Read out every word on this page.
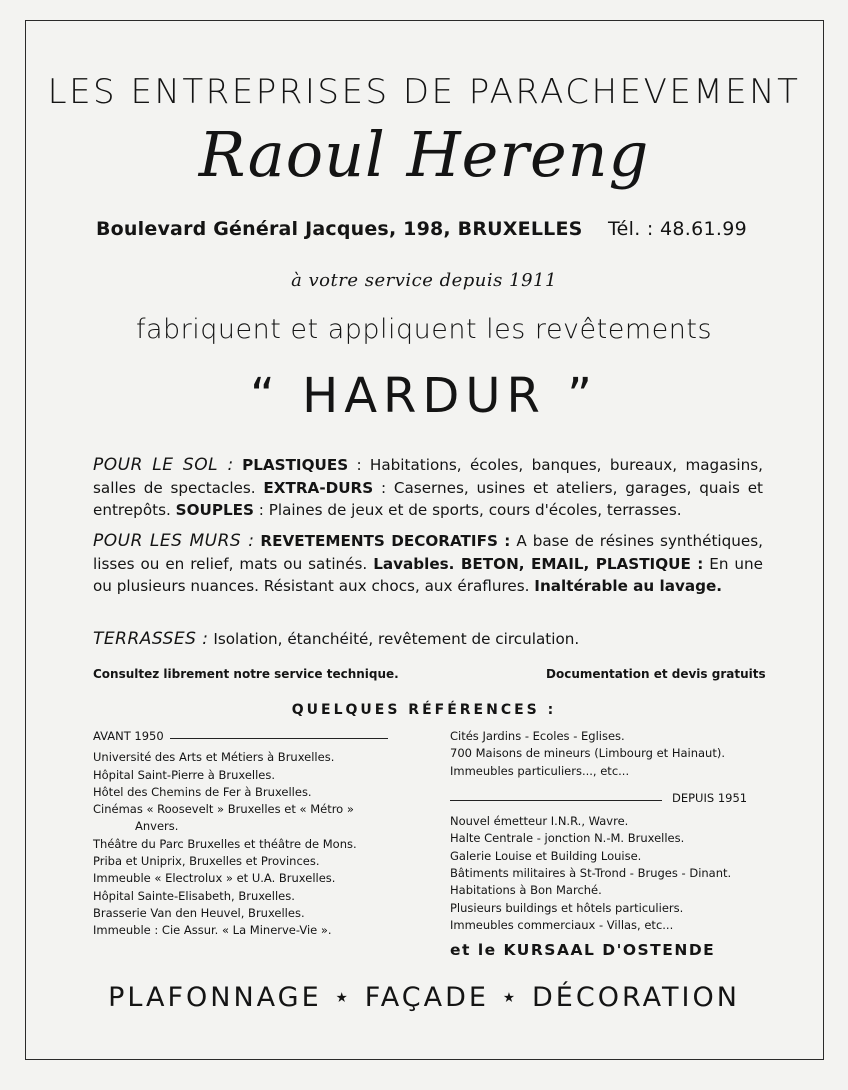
LES ENTREPRISES DE PARACHEVEMENT
Raoul Hereng
Boulevard Général Jacques, 198, BRUXELLES Tél. : 48.61.99
à votre service depuis 1911
fabriquent et appliquent les revêtements
“ HARDUR ”
POUR LE SOL : PLASTIQUES : Habitations, écoles, banques, bureaux, magasins, salles de spectacles. EXTRA-DURS : Casernes, usines et ateliers, garages, quais et entrepôts. SOUPLES : Plaines de jeux et de sports, cours d'écoles, terrasses.
POUR LES MURS : REVETEMENTS DECORATIFS : A base de résines synthétiques, lisses ou en relief, mats ou satinés. Lavables. BETON, EMAIL, PLASTIQUE : En une ou plusieurs nuances. Résistant aux chocs, aux éraflures. Inaltérable au lavage.
TERRASSES : Isolation, étanchéité, revêtement de circulation.
Consultez librement notre service technique.	Documentation et devis gratuits
QUELQUES RÉFÉRENCES :
AVANT 1950
Université des Arts et Métiers à Bruxelles.
Hôpital Saint-Pierre à Bruxelles.
Hôtel des Chemins de Fer à Bruxelles.
Cinémas « Roosevelt » Bruxelles et « Métro »
Anvers.
Théâtre du Parc Bruxelles et théâtre de Mons.
Priba et Uniprix, Bruxelles et Provinces.
Immeuble « Electrolux » et U.A. Bruxelles.
Hôpital Sainte-Elisabeth, Bruxelles.
Brasserie Van den Heuvel, Bruxelles.
Immeuble : Cie Assur. « La Minerve-Vie ».
Cités Jardins - Ecoles - Eglises.
700 Maisons de mineurs (Limbourg et Hainaut).
Immeubles particuliers..., etc...
DEPUIS 1951
Nouvel émetteur I.N.R., Wavre.
Halte Centrale - jonction N.-M. Bruxelles.
Galerie Louise et Building Louise.
Bâtiments militaires à St-Trond - Bruges - Dinant.
Habitations à Bon Marché.
Plusieurs buildings et hôtels particuliers.
Immeubles commerciaux - Villas, etc...
et le KURSAAL D'OSTENDE
PLAFONNAGE ⋆ FAÇADE ⋆ DÉCORATION
